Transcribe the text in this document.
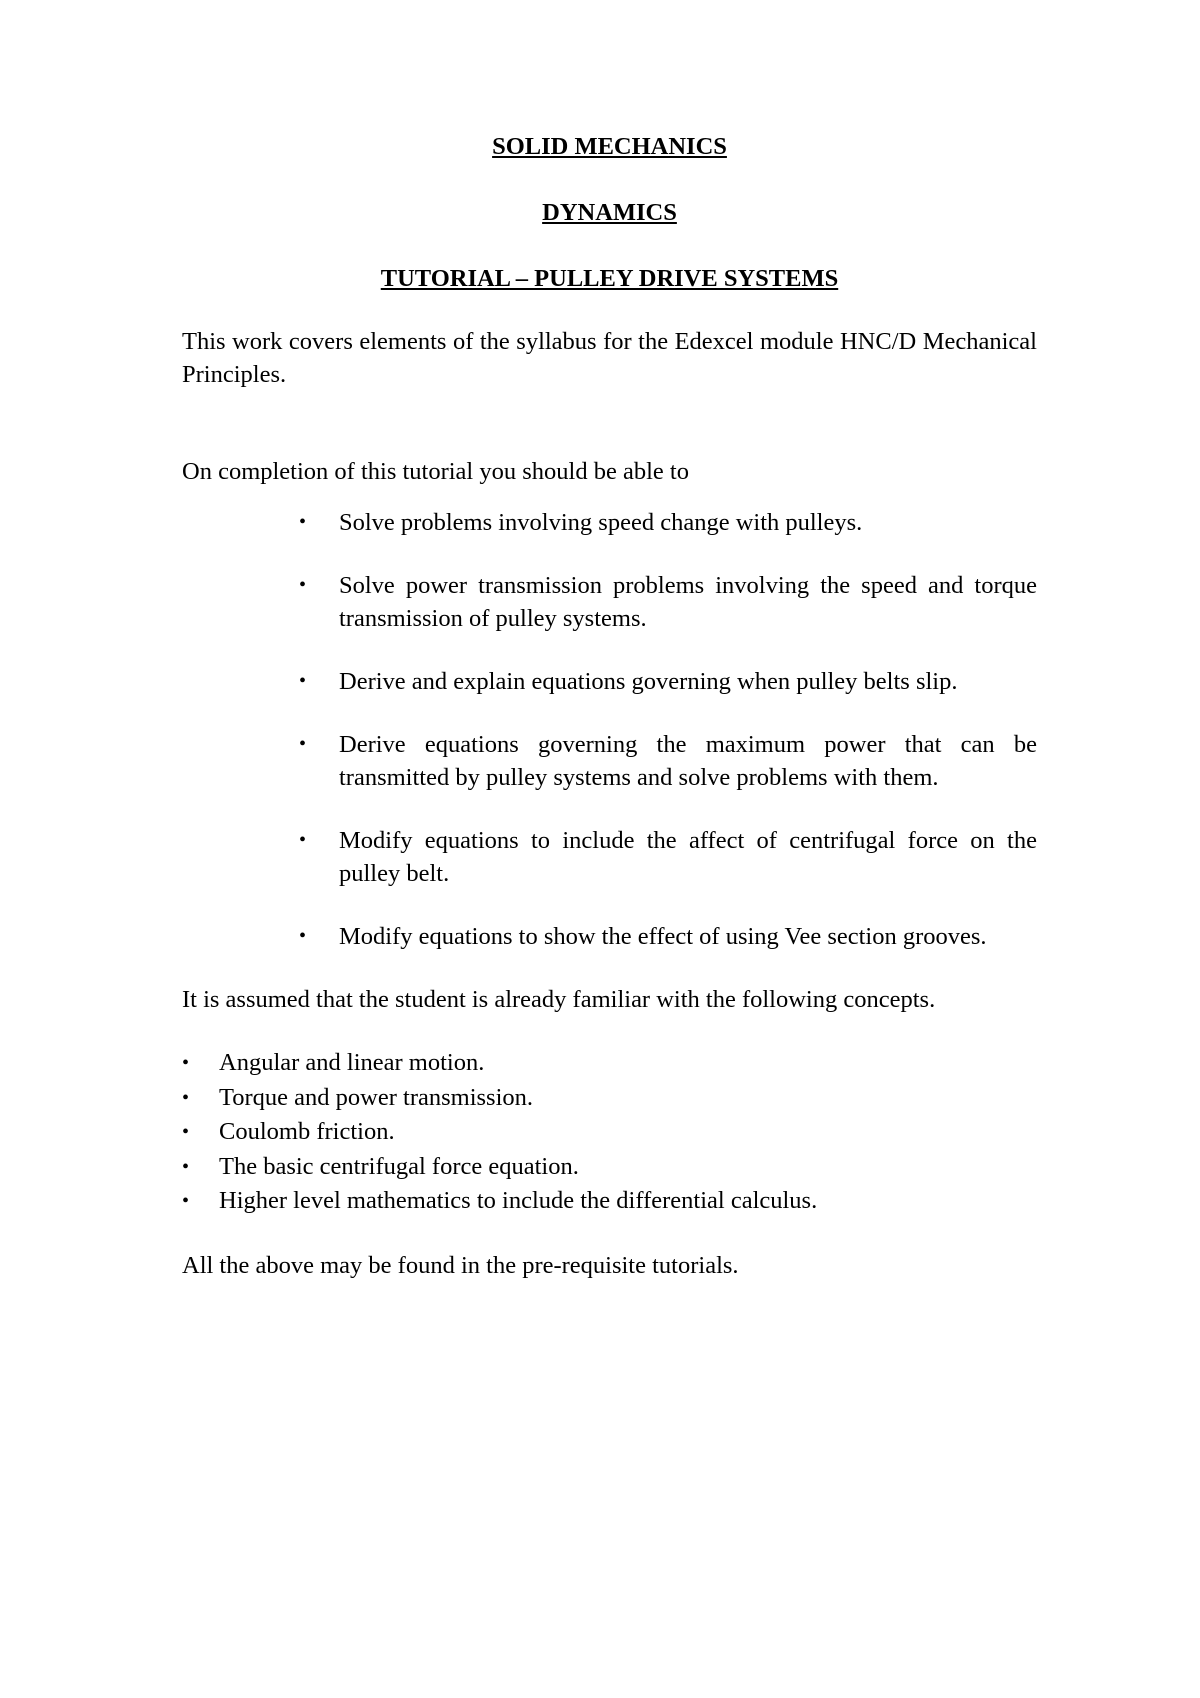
SOLID MECHANICS
DYNAMICS
TUTORIAL – PULLEY DRIVE SYSTEMS

This work covers elements of the syllabus for the Edexcel module HNC/D Mechanical Principles.

On completion of this tutorial you should be able to

• Solve problems involving speed change with pulleys.
• Solve power transmission problems involving the speed and torque transmission of pulley systems.
• Derive and explain equations governing when pulley belts slip.
• Derive equations governing the maximum power that can be transmitted by pulley systems and solve problems with them.
• Modify equations to include the affect of centrifugal force on the pulley belt.
• Modify equations to show the effect of using Vee section grooves.

It is assumed that the student is already familiar with the following concepts.

• Angular and linear motion.
• Torque and power transmission.
• Coulomb friction.
• The basic centrifugal force equation.
• Higher level mathematics to include the differential calculus.

All the above may be found in the pre-requisite tutorials.
